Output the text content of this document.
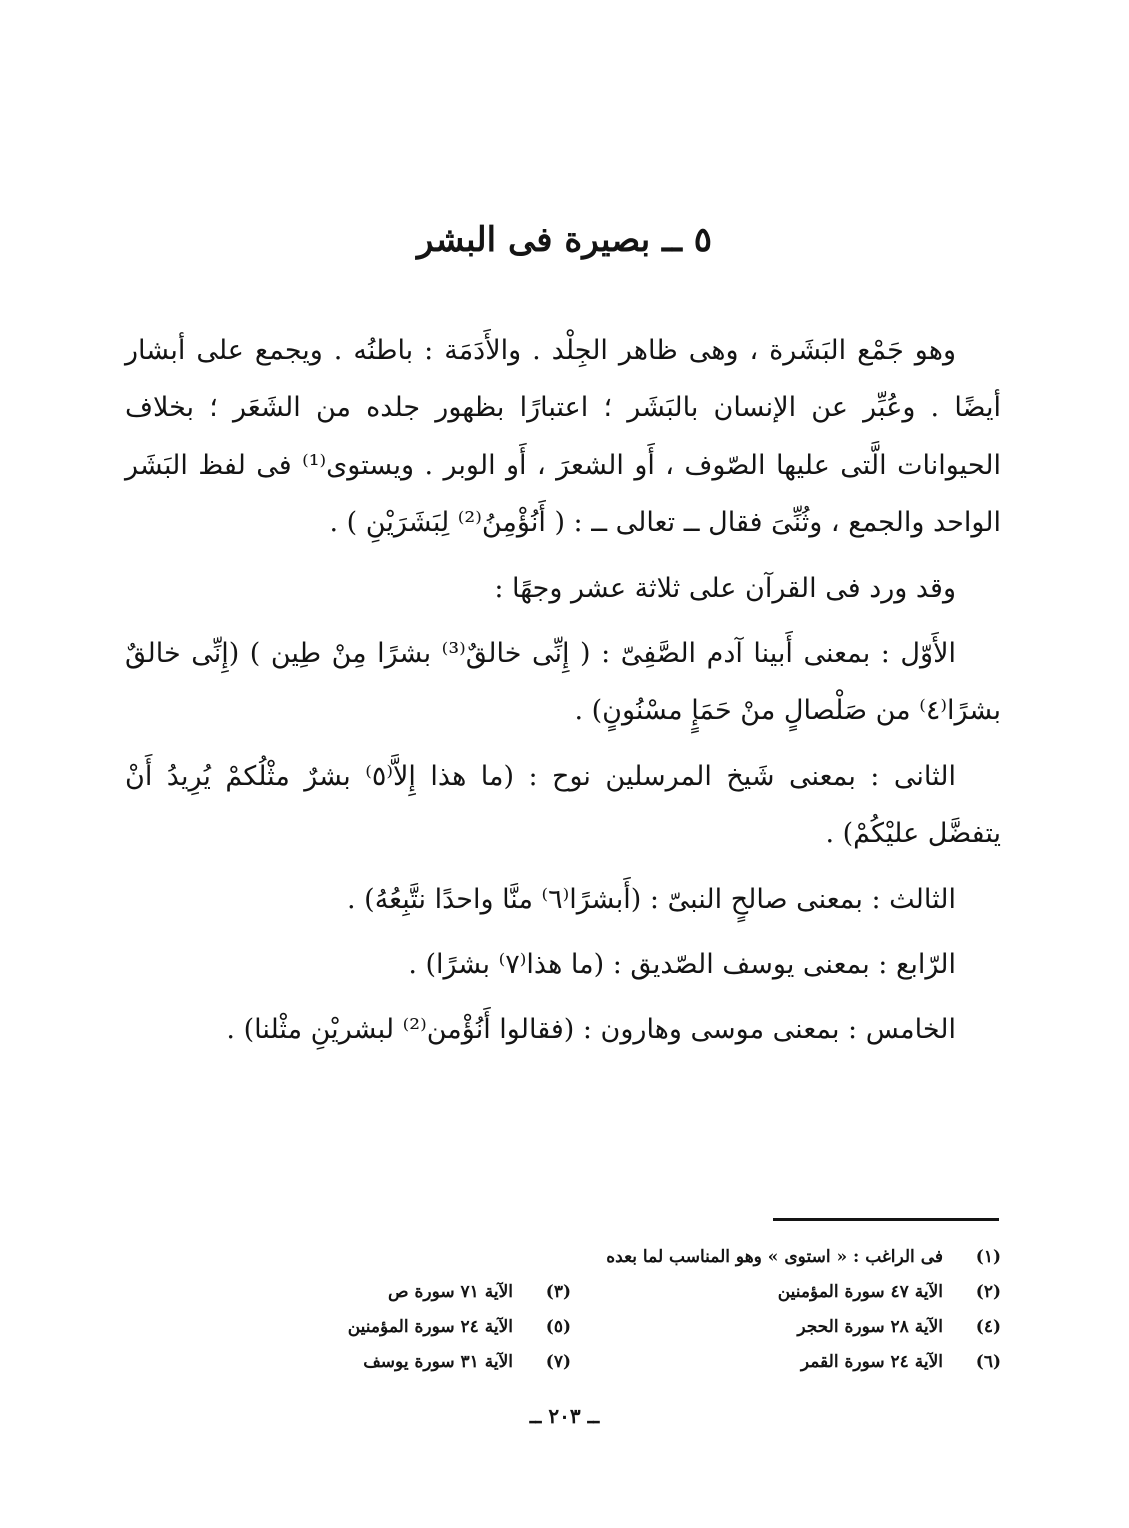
٥ ــ بصيرة فى البشر

وهو جَمْع البَشَرة ، وهى ظاهر الجِلْد . والأَدَمَة : باطنُه . ويجمع على أبشار أيضًا . وعُبِّر عن الإنسان بالبَشَر ؛ اعتبارًا بظهور جلده من الشَعَر ؛ بخلاف الحيوانات الَّتى عليها الصّوف ، أَو الشعرَ ، أَو الوبر . ويستوى⁽¹⁾ فى لفظ البَشَر الواحد والجمع ، وثُنِّىَ فقال ــ تعالى ــ : ( أَنُؤْمِنُ⁽²⁾ لِبَشَرَيْنِ ) .

وقد ورد فى القرآن على ثلاثة عشر وجهًا :

الأَوّل : بمعنى أَبينا آدم الصَّفِىّ : ( إِنِّى خالقٌ⁽³⁾ بشرًا مِنْ طِين ) (إِنِّى خالقٌ بشرًا⁽٤⁾ من صَلْصالٍ منْ حَمَإٍ مسْنُونٍ) .

الثانى : بمعنى شَيخ المرسلين نوح : (ما هذا إِلاَّ⁽٥⁾ بشرٌ مثْلُكمْ يُرِيدُ أَنْ يتفضَّل عليْكُمْ) .

الثالث : بمعنى صالحٍ النبىّ : (أَبشرًا⁽٦⁾ منَّا واحدًا نتَّبِعُهُ) .

الرّابع : بمعنى يوسف الصّديق : (ما هذا⁽٧⁾ بشرًا) .

الخامس : بمعنى موسى وهارون : (فقالوا أَنُؤْمن⁽²⁾ لبشريْنِ مثْلنا) .

(١)
فى الراغب : « استوى » وهو المناسب لما بعده
(٢)
الآية ٤٧ سورة المؤمنين
(٣)
الآية ٧١ سورة ص
(٤)
الآية ٢٨ سورة الحجر
(٥)
الآية ٢٤ سورة المؤمنين
(٦)
الآية ٢٤ سورة القمر
(٧)
الآية ٣١ سورة يوسف
ــ ٢٠٣ ــ
